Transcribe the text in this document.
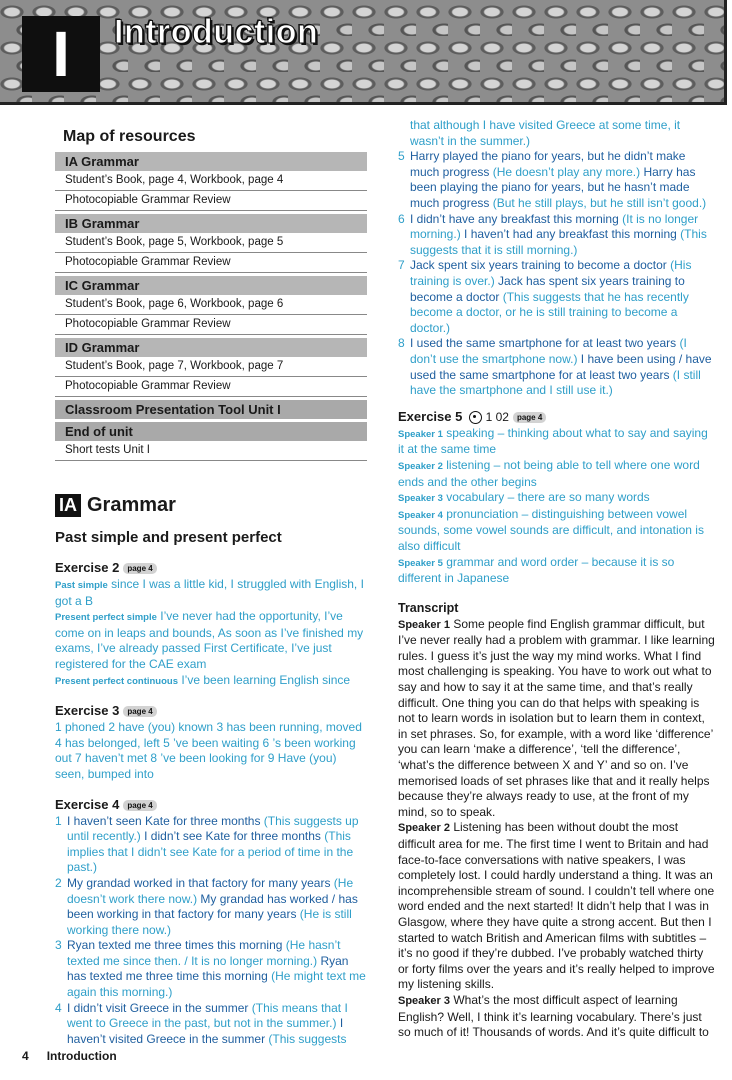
I	Introduction
Map of resources
IA Grammar
Student’s Book, page 4, Workbook, page 4
Photocopiable Grammar Review
IB Grammar
Student’s Book, page 5, Workbook, page 5
Photocopiable Grammar Review
IC Grammar
Student’s Book, page 6, Workbook, page 6
Photocopiable Grammar Review
ID Grammar
Student’s Book, page 7, Workbook, page 7
Photocopiable Grammar Review
Classroom Presentation Tool Unit I
End of unit
Short tests Unit I
IA Grammar
Past simple and present perfect
Exercise 2 page 4

Past simple since I was a little kid, I struggled with English, I got a B

Present perfect simple I’ve never had the opportunity, I’ve come on in leaps and bounds, As soon as I’ve finished my exams, I’ve already passed First Certificate, I’ve just registered for the CAE exam

Present perfect continuous I’ve been learning English since

Exercise 3 page 4

1 phoned 2 have (you) known 3 has been running, moved 4 has belonged, left 5 ’ve been waiting 6 ’s been working out 7 haven’t met 8 ’ve been looking for 9 Have (you) seen, bumped into

Exercise 4 page 4
1 I haven’t seen Kate for three months (This suggests up until recently.) I didn’t see Kate for three months (This implies that I didn’t see Kate for a period of time in the past.)
2 My grandad worked in that factory for many years (He doesn’t work there now.) My grandad has worked / has been working in that factory for many years (He is still working there now.)
3 Ryan texted me three times this morning (He hasn’t texted me since then. / It is no longer morning.) Ryan has texted me three time this morning (He might text me again this morning.)
4 I didn’t visit Greece in the summer (This means that I went to Greece in the past, but not in the summer.) I haven’t visited Greece in the summer (This suggests

that although I have visited Greece at some time, it wasn’t in the summer.)

5 Harry played the piano for years, but he didn’t make much progress (He doesn’t play any more.) Harry has been playing the piano for years, but he hasn’t made much progress (But he still plays, but he still isn’t good.)
6 I didn’t have any breakfast this morning (It is no longer morning.) I haven’t had any breakfast this morning (This suggests that it is still morning.)
7 Jack spent six years training to become a doctor (His training is over.) Jack has spent six years training to become a doctor (This suggests that he has recently become a doctor, or he is still training to become a doctor.)
8 I used the same smartphone for at least two years (I don’t use the smartphone now.) I have been using / have used the same smartphone for at least two years (I still have the smartphone and I still use it.)
Exercise 5 1 02 page 4

Speaker 1 speaking – thinking about what to say and saying it at the same time

Speaker 2 listening – not being able to tell where one word ends and the other begins

Speaker 3 vocabulary – there are so many words

Speaker 4 pronunciation – distinguishing between vowel sounds, some vowel sounds are difficult, and intonation is also difficult

Speaker 5 grammar and word order – because it is so different in Japanese

Transcript

Speaker 1 Some people find English grammar difficult, but I’ve never really had a problem with grammar. I like learning rules. I guess it’s just the way my mind works. What I find most challenging is speaking. You have to work out what to say and how to say it at the same time, and that’s really difficult. One thing you can do that helps with speaking is not to learn words in isolation but to learn them in context, in set phrases. So, for example, with a word like ‘difference’ you can learn ‘make a difference’, ‘tell the difference’, ‘what’s the difference between X and Y’ and so on. I’ve memorised loads of set phrases like that and it really helps because they’re always ready to use, at the front of my mind, so to speak.

Speaker 2 Listening has been without doubt the most difficult area for me. The first time I went to Britain and had face-to-face conversations with native speakers, I was completely lost. I could hardly understand a thing. It was an incomprehensible stream of sound. I couldn’t tell where one word ended and the next started! It didn’t help that I was in Glasgow, where they have quite a strong accent. But then I started to watch British and American films with subtitles – it’s no good if they’re dubbed. I’ve probably watched thirty or forty films over the years and it’s really helped to improve my listening skills.

Speaker 3 What’s the most difficult aspect of learning English? Well, I think it’s learning vocabulary. There’s just so much of it! Thousands of words. And it’s quite difficult to

4 Introduction
